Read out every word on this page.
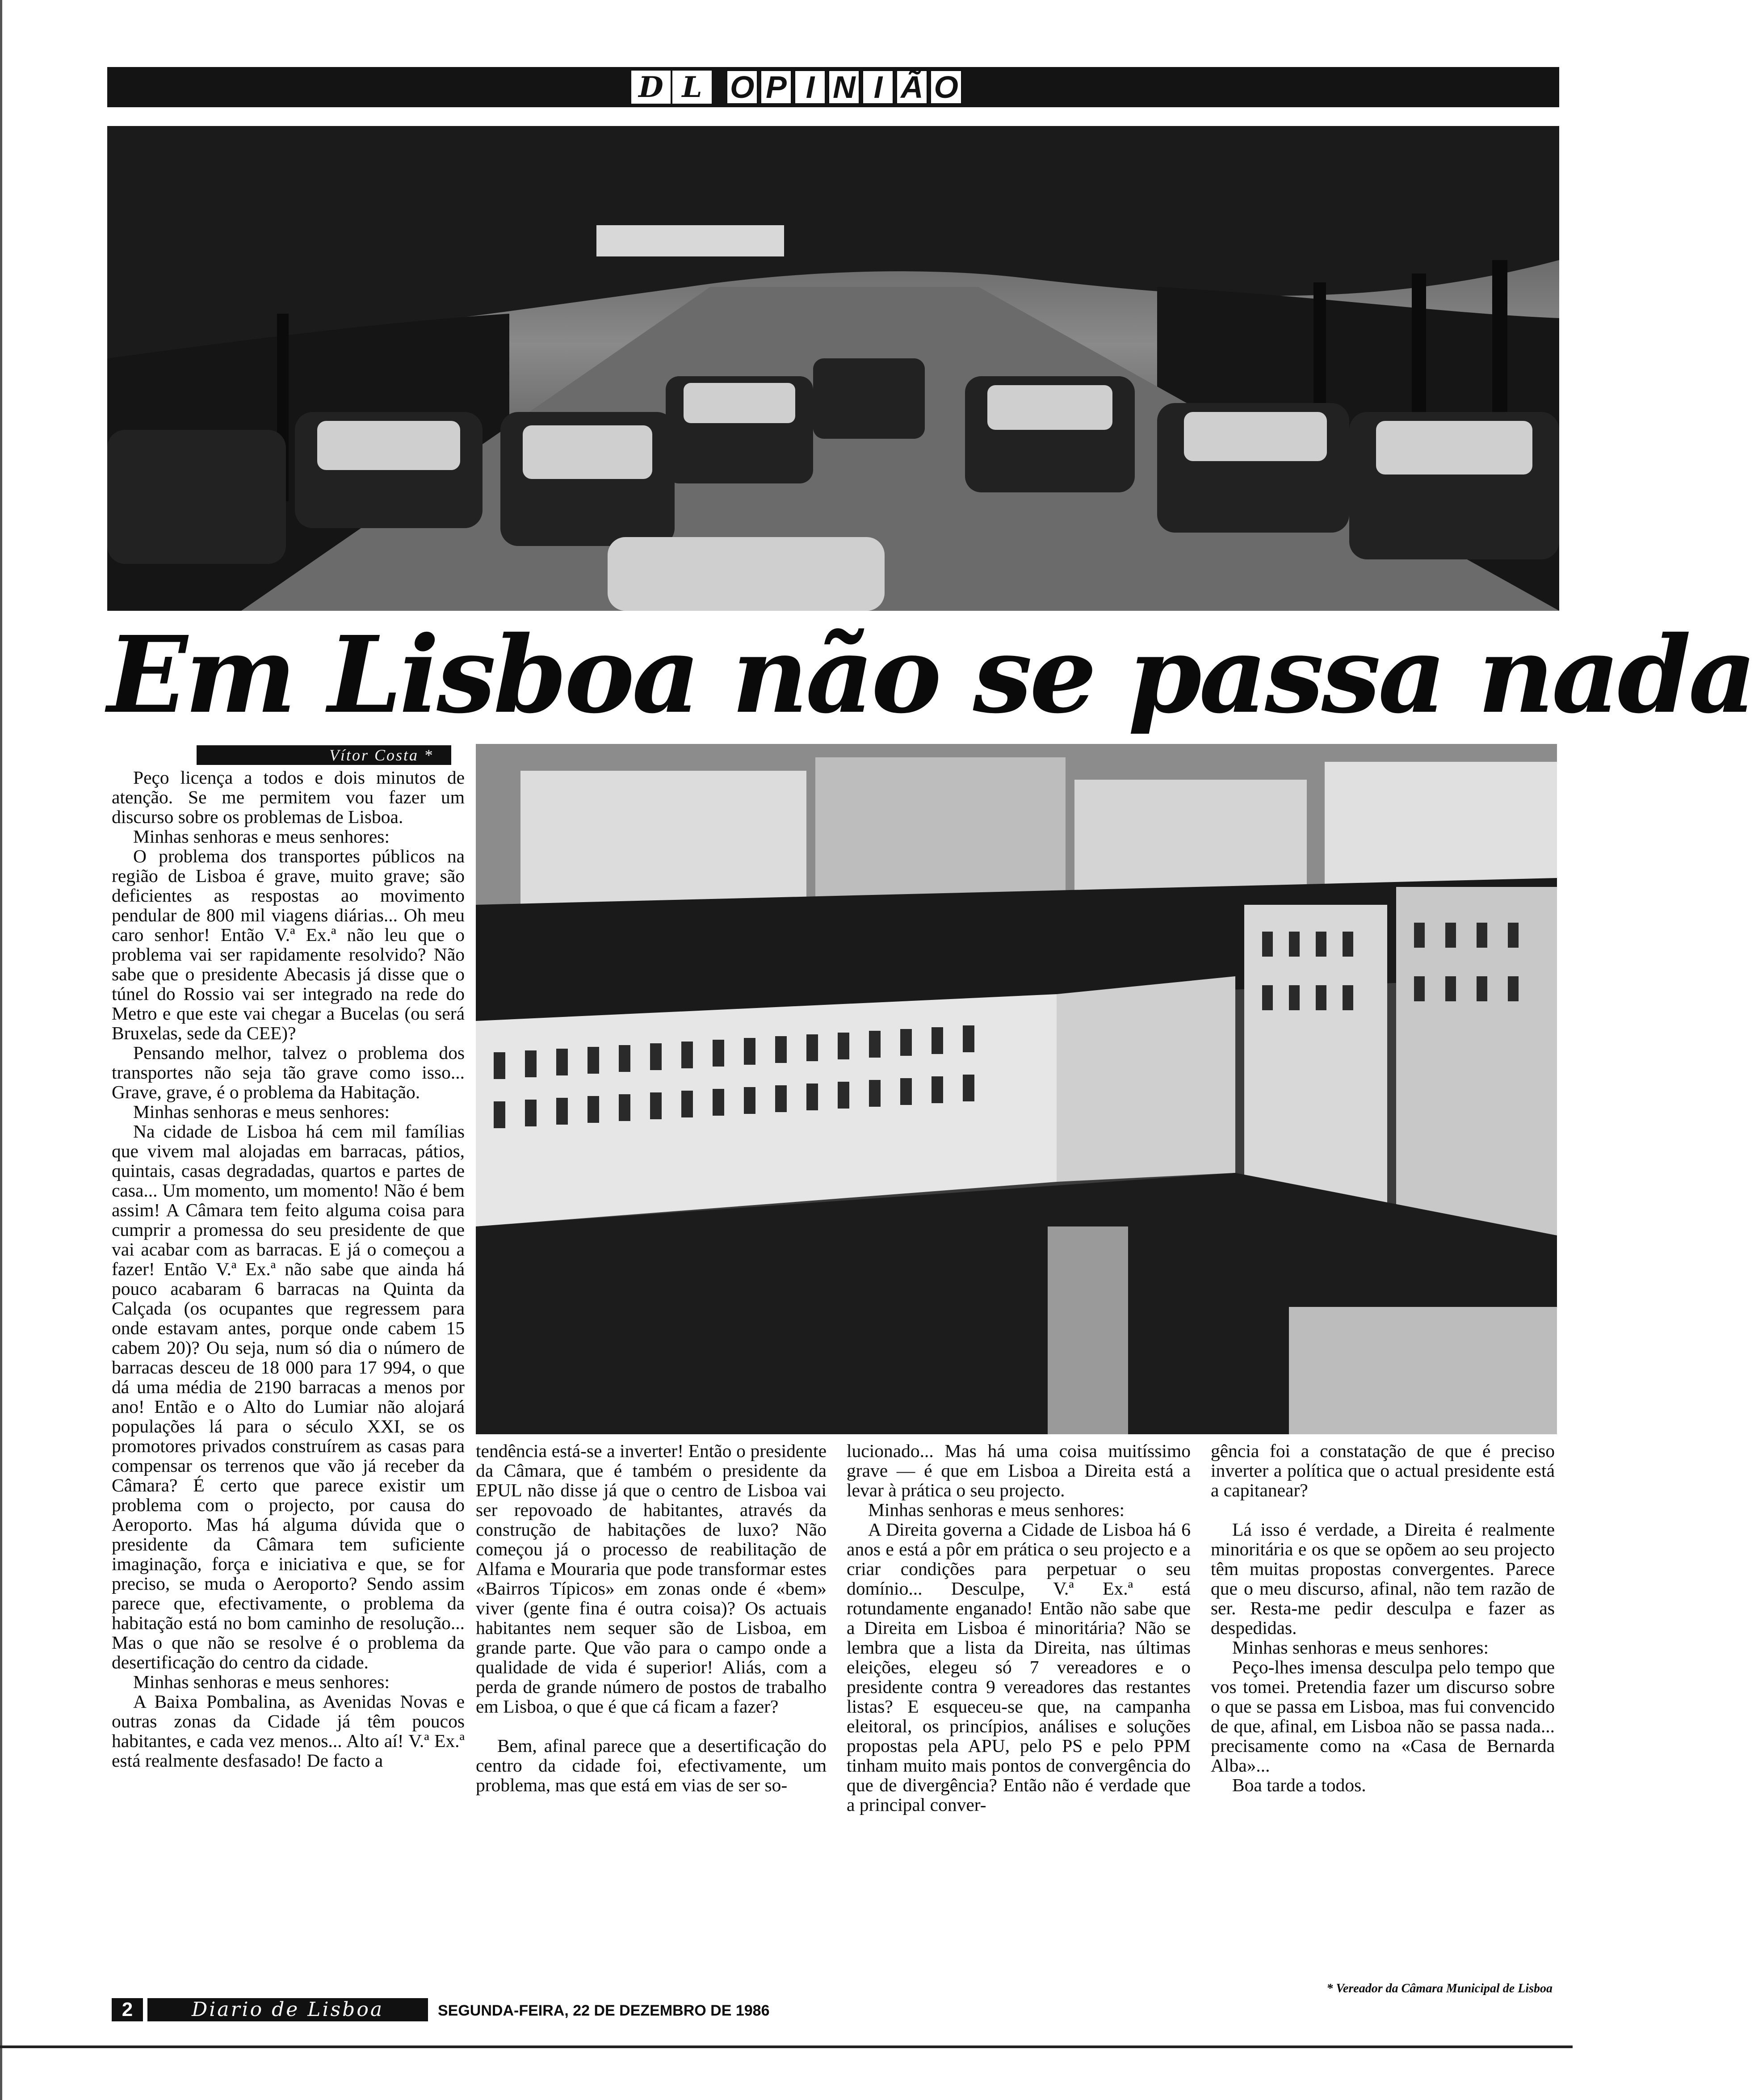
D L O P I N I Ã O
Em Lisboa não se passa nada
Vítor Costa *

Peço licença a todos e dois minutos de atenção. Se me permitem vou fazer um discurso sobre os problemas de Lisboa.

Minhas senhoras e meus senhores:

O problema dos transportes públicos na região de Lisboa é grave, muito grave; são deficientes as respostas ao movimento pendular de 800 mil viagens diárias... Oh meu caro senhor! Então V.ª Ex.ª não leu que o problema vai ser rapidamente resolvido? Não sabe que o presidente Abecasis já disse que o túnel do Rossio vai ser integrado na rede do Metro e que este vai chegar a Bucelas (ou será Bruxelas, sede da CEE)?

Pensando melhor, talvez o problema dos transportes não seja tão grave como isso... Grave, grave, é o problema da Habitação.

Minhas senhoras e meus senhores:

Na cidade de Lisboa há cem mil famílias que vivem mal alojadas em barracas, pátios, quintais, casas degradadas, quartos e partes de casa... Um momento, um momento! Não é bem assim! A Câmara tem feito alguma coisa para cumprir a promessa do seu presidente de que vai acabar com as barracas. E já o começou a fazer! Então V.ª Ex.ª não sabe que ainda há pouco acabaram 6 barracas na Quinta da Calçada (os ocupantes que regressem para onde estavam antes, porque onde cabem 15 cabem 20)? Ou seja, num só dia o número de barracas desceu de 18 000 para 17 994, o que dá uma média de 2190 barracas a menos por ano! Então e o Alto do Lumiar não alojará populações lá para o século XXI, se os promotores privados construírem as casas para compensar os terrenos que vão já receber da Câmara? É certo que parece existir um problema com o projecto, por causa do Aeroporto. Mas há alguma dúvida que o presidente da Câmara tem suficiente imaginação, força e iniciativa e que, se for preciso, se muda o Aeroporto? Sendo assim parece que, efectivamente, o problema da habitação está no bom caminho de resolução... Mas o que não se resolve é o problema da desertificação do centro da cidade.

Minhas senhoras e meus senhores:

A Baixa Pombalina, as Avenidas Novas e outras zonas da Cidade já têm poucos habitantes, e cada vez menos... Alto aí! V.ª Ex.ª está realmente desfasado! De facto a

tendência está-se a inverter! Então o presidente da Câmara, que é também o presidente da EPUL não disse já que o centro de Lisboa vai ser repovoado de habitantes, através da construção de habitações de luxo? Não começou já o processo de reabilitação de Alfama e Mouraria que pode transformar estes «Bairros Típicos» em zonas onde é «bem» viver (gente fina é outra coisa)? Os actuais habitantes nem sequer são de Lisboa, em grande parte. Que vão para o campo onde a qualidade de vida é superior! Aliás, com a perda de grande número de postos de trabalho em Lisboa, o que é que cá ficam a fazer?

Bem, afinal parece que a desertificação do centro da cidade foi, efectivamente, um problema, mas que está em vias de ser so-

lucionado... Mas há uma coisa muitíssimo grave — é que em Lisboa a Direita está a levar à prática o seu projecto.

Minhas senhoras e meus senhores:

A Direita governa a Cidade de Lisboa há 6 anos e está a pôr em prática o seu projecto e a criar condições para perpetuar o seu domínio... Desculpe, V.ª Ex.ª está rotundamente enganado! Então não sabe que a Direita em Lisboa é minoritária? Não se lembra que a lista da Direita, nas últimas eleições, elegeu só 7 vereadores e o presidente contra 9 vereadores das restantes listas? E esqueceu-se que, na campanha eleitoral, os princípios, análises e soluções propostas pela APU, pelo PS e pelo PPM tinham muito mais pontos de convergência do que de divergência? Então não é verdade que a principal conver-

gência foi a constatação de que é preciso inverter a política que o actual presidente está a capitanear?

Lá isso é verdade, a Direita é realmente minoritária e os que se opõem ao seu projecto têm muitas propostas convergentes. Parece que o meu discurso, afinal, não tem razão de ser. Resta-me pedir desculpa e fazer as despedidas.

Minhas senhoras e meus senhores:

Peço-lhes imensa desculpa pelo tempo que vos tomei. Pretendia fazer um discurso sobre o que se passa em Lisboa, mas fui convencido de que, afinal, em Lisboa não se passa nada... precisamente como na «Casa de Bernarda Alba»...

Boa tarde a todos.

* Vereador da Câmara Municipal de Lisboa
2	Diario de Lisboa	SEGUNDA-FEIRA, 22 DE DEZEMBRO DE 1986
